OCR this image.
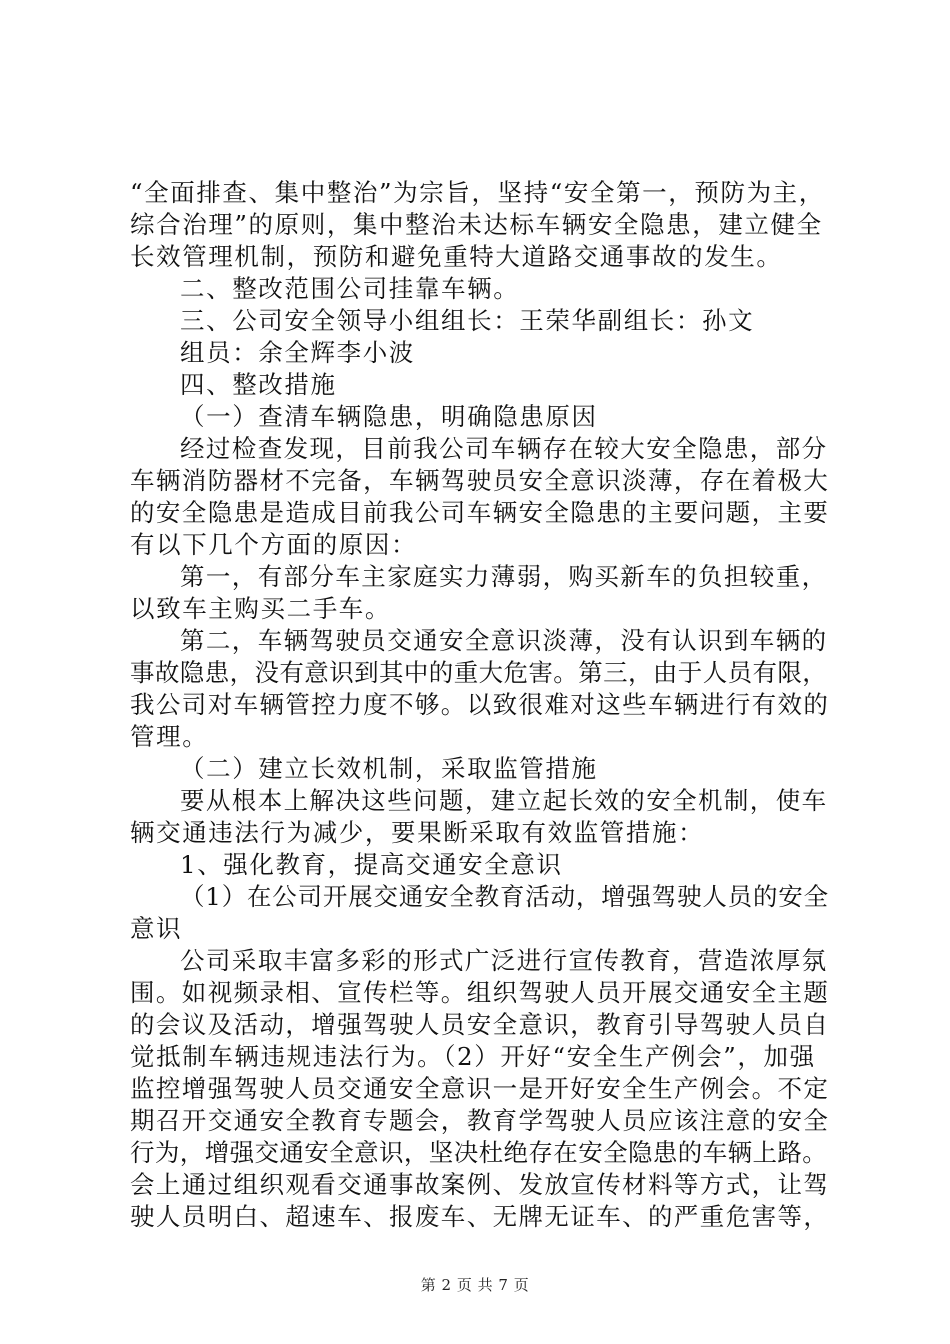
“全面排查、集中整治”为宗旨，坚持“安全第一，预防为主，
综合治理”的原则，集中整治未达标车辆安全隐患，建立健全
长效管理机制，预防和避免重特大道路交通事故的发生。
二、整改范围公司挂靠车辆。
三、公司安全领导小组组长：王荣华副组长：孙文
组员：余全辉李小波
四、整改措施
（一）查清车辆隐患，明确隐患原因
经过检查发现，目前我公司车辆存在较大安全隐患，部分
车辆消防器材不完备，车辆驾驶员安全意识淡薄，存在着极大
的安全隐患是造成目前我公司车辆安全隐患的主要问题，主要
有以下几个方面的原因：
第一，有部分车主家庭实力薄弱，购买新车的负担较重，
以致车主购买二手车。
第二，车辆驾驶员交通安全意识淡薄，没有认识到车辆的
事故隐患，没有意识到其中的重大危害。第三，由于人员有限，
我公司对车辆管控力度不够。以致很难对这些车辆进行有效的
管理。
（二）建立长效机制，采取监管措施
要从根本上解决这些问题，建立起长效的安全机制，使车
辆交通违法行为减少，要果断采取有效监管措施：
1、强化教育，提高交通安全意识
（1）在公司开展交通安全教育活动，增强驾驶人员的安全
意识
公司采取丰富多彩的形式广泛进行宣传教育，营造浓厚氛
围。如视频录相、宣传栏等。组织驾驶人员开展交通安全主题
的会议及活动，增强驾驶人员安全意识，教育引导驾驶人员自
觉抵制车辆违规违法行为。（2）开好“安全生产例会”，加强
监控增强驾驶人员交通安全意识一是开好安全生产例会。不定
期召开交通安全教育专题会，教育学驾驶人员应该注意的安全
行为，增强交通安全意识，坚决杜绝存在安全隐患的车辆上路。
会上通过组织观看交通事故案例、发放宣传材料等方式，让驾
驶人员明白、超速车、报废车、无牌无证车、的严重危害等，
第 2 页 共 7 页
